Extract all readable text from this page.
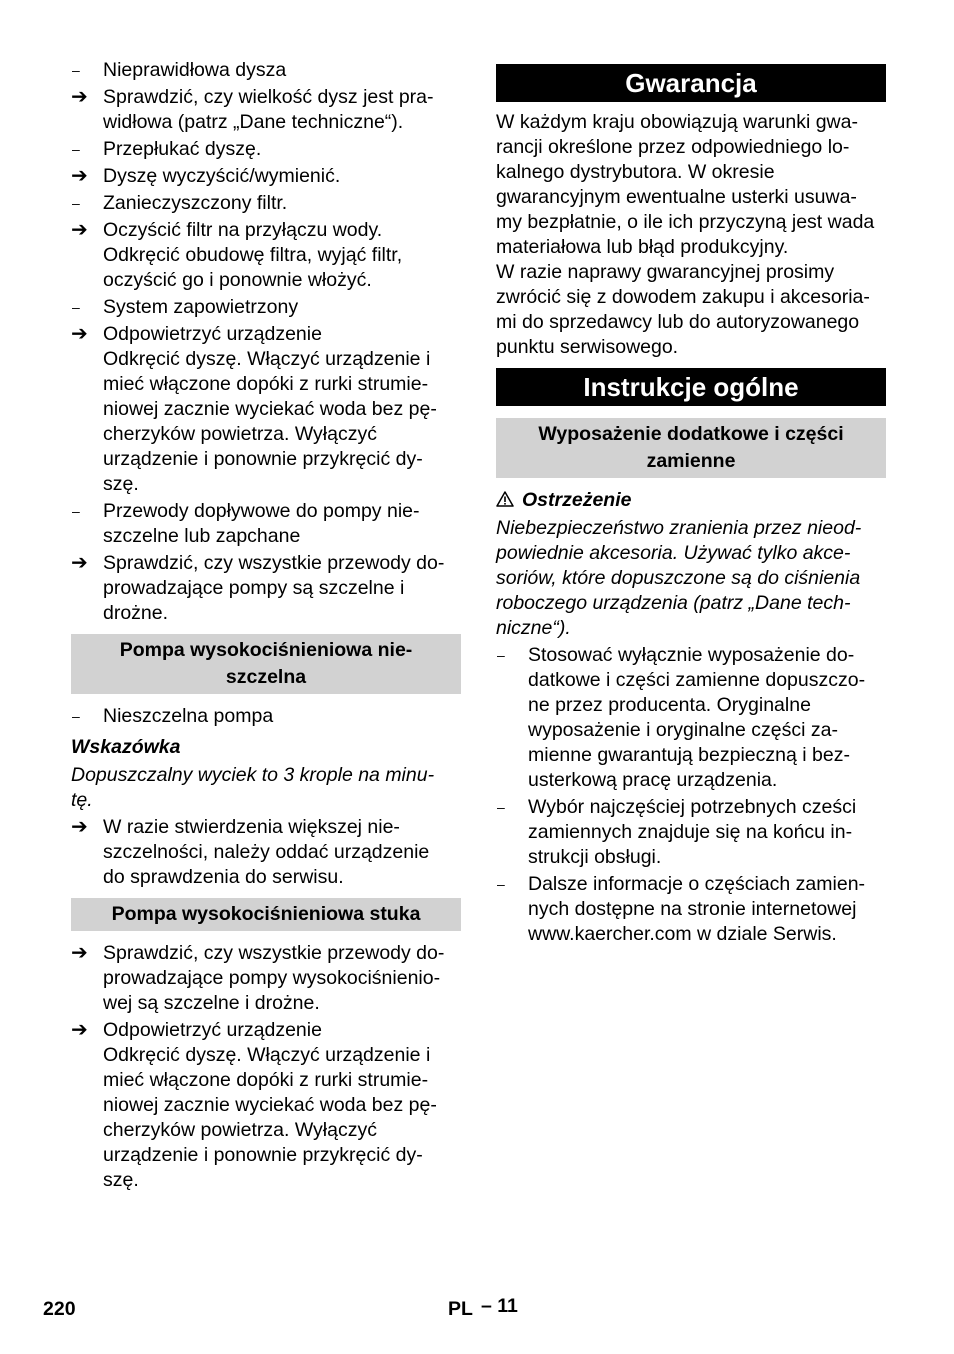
–	Nieprawidłowa dysza
➔ Sprawdzić, czy wielkość dysz jest pra-
widłowa (patrz „Dane techniczne“).
–	Przepłukać dyszę.
➔ Dyszę wyczyścić/wymienić.
–	Zanieczyszczony filtr.
➔ Oczyścić filtr na przyłączu wody.
Odkręcić obudowę filtra, wyjąć filtr,
oczyścić go i ponownie włożyć.
–	System zapowietrzony
➔ Odpowietrzyć urządzenie
Odkręcić dyszę. Włączyć urządzenie i
mieć włączone dopóki z rurki strumie-
niowej zacznie wyciekać woda bez pę-
cherzyków powietrza. Wyłączyć
urządzenie i ponownie przykręcić dy-
szę.
–	Przewody dopływowe do pompy nie-
szczelne lub zapchane
➔ Sprawdzić, czy wszystkie przewody do-
prowadzające pompy są szczelne i
drożne.
Pompa wysokociśnieniowa nie-
szczelna
–	Nieszczelna pompa
Wskazówka
Dopuszczalny wyciek to 3 krople na minu-
tę.
➔ W razie stwierdzenia większej nie-
szczelności, należy oddać urządzenie
do sprawdzenia do serwisu.
Pompa wysokociśnieniowa stuka
➔ Sprawdzić, czy wszystkie przewody do-
prowadzające pompy wysokociśnienio-
wej są szczelne i drożne.
➔ Odpowietrzyć urządzenie
Odkręcić dyszę. Włączyć urządzenie i
mieć włączone dopóki z rurki strumie-
niowej zacznie wyciekać woda bez pę-
cherzyków powietrza. Wyłączyć
urządzenie i ponownie przykręcić dy-
szę.
Gwarancja
W każdym kraju obowiązują warunki gwa-
rancji określone przez odpowiedniego lo-
kalnego dystrybutora. W okresie
gwarancyjnym ewentualne usterki usuwa-
my bezpłatnie, o ile ich przyczyną jest wada
materiałowa lub błąd produkcyjny.
W razie naprawy gwarancyjnej prosimy
zwrócić się z dowodem zakupu i akcesoria-
mi do sprzedawcy lub do autoryzowanego
punktu serwisowego.
Instrukcje ogólne
Wyposażenie dodatkowe i części
zamienne
Ostrzeżenie
Niebezpieczeństwo zranienia przez nieod-
powiednie akcesoria. Używać tylko akce-
soriów, które dopuszczone są do ciśnienia
roboczego urządzenia (patrz „Dane tech-
niczne“).
–	Stosować wyłącznie wyposażenie do-
datkowe i części zamienne dopuszczo-
ne przez producenta. Oryginalne
wyposażenie i oryginalne części za-
mienne gwarantują bezpieczną i bez-
usterkową pracę urządzenia.
–	Wybór najczęściej potrzebnych cześci
zamiennych znajduje się na końcu in-
strukcji obsługi.
–	Dalsze informacje o częściach zamien-
nych dostępne na stronie internetowej
www.kaercher.com w dziale Serwis.
220	PL – 11
